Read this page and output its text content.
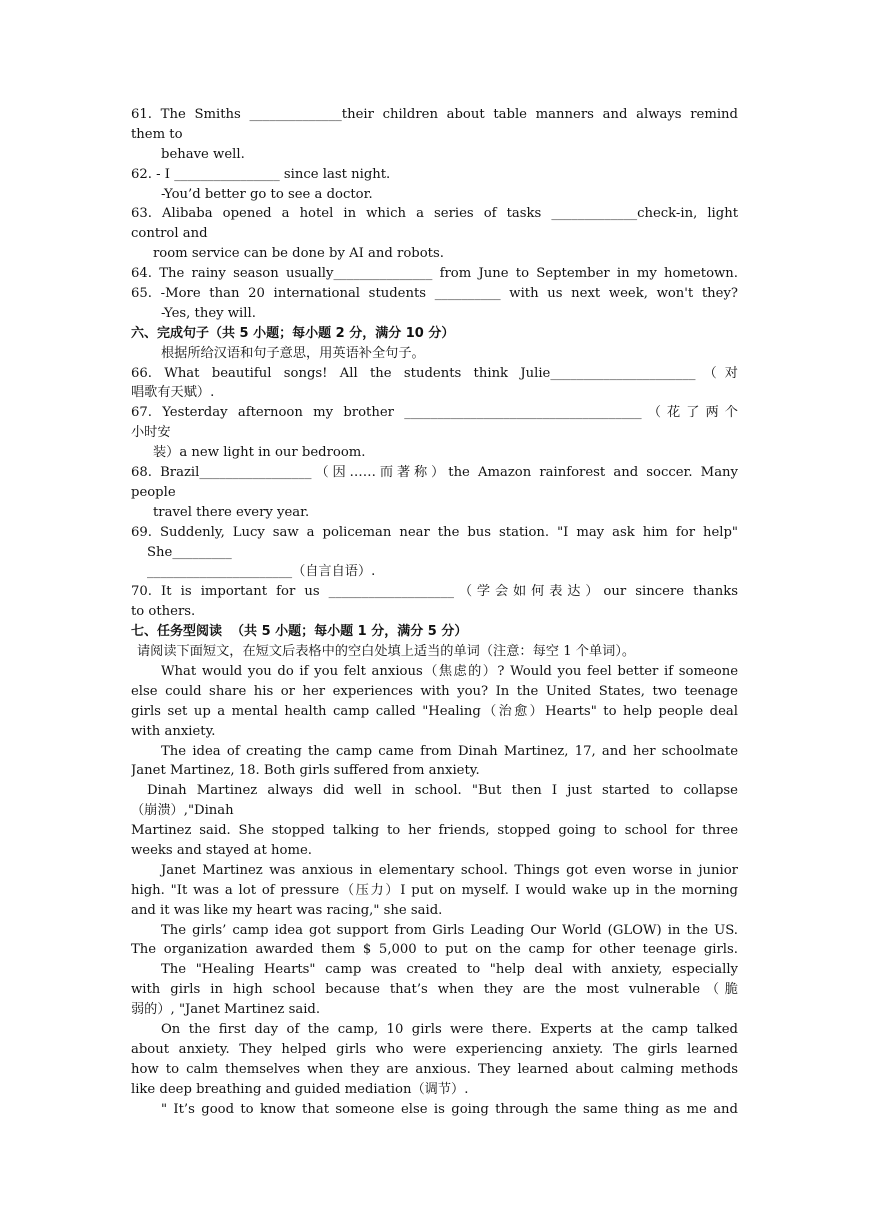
61. The Smiths ______________their children about table manners and always remind
them to
behave well.
62. - I ________________ since last night.
-You’d better go to see a doctor.
63. Alibaba opened a hotel in which a series of tasks _____________check-in, light
control and
room service can be done by AI and robots.
64. The rainy season usually_______________ from June to September in my hometown.
65. -More than 20 international students __________ with us next week, won't they?
-Yes, they will.
六、完成句子（共 5 小题；每小题 2 分，满分 10 分）
根据所给汉语和句子意思，用英语补全句子。
66. What beautiful songs! All the students think Julie______________________（对
唱歌有天赋）.
67. Yesterday afternoon my brother ____________________________________（花了两个
小时安
装）a new light in our bedroom.
68. Brazil_________________（因……而著称）the Amazon rainforest and soccer. Many
people
travel there every year.
69. Suddenly, Lucy saw a policeman near the bus station. "I may ask him for help"
She_________
______________________（自言自语）.
70. It is important for us ___________________（学会如何表达）our sincere thanks
to others.
七、任务型阅读  （共 5 小题；每小题 1 分，满分 5 分）
请阅读下面短文，在短文后表格中的空白处填上适当的单词（注意：每空 1 个单词）。
What would you do if you felt anxious（焦虑的）? Would you feel better if someone
else could share his or her experiences with you? In the United States, two teenage
girls set up a mental health camp called "Healing（治愈）Hearts" to help people deal
with anxiety.
The idea of creating the camp came from Dinah Martinez, 17, and her schoolmate
Janet Martinez, 18. Both girls suffered from anxiety.
Dinah Martinez always did well in school. "But then I just started to collapse
（崩溃）,"Dinah
Martinez said. She stopped talking to her friends, stopped going to school for three
weeks and stayed at home.
Janet Martinez was anxious in elementary school. Things got even worse in junior
high. "It was a lot of pressure（压力）I put on myself. I would wake up in the morning
and it was like my heart was racing," she said.
The girls’ camp idea got support from Girls Leading Our World (GLOW) in the US.
The organization awarded them $ 5,000 to put on the camp for other teenage girls.
The "Healing Hearts" camp was created to "help deal with anxiety, especially
with girls in high school because that’s when they are the most vulnerable（脆
弱的）, "Janet Martinez said.
On the first day of the camp, 10 girls were there. Experts at the camp talked
about anxiety. They helped girls who were experiencing anxiety. The girls learned
how to calm themselves when they are anxious. They learned about calming methods
like deep breathing and guided mediation（调节）.
" It’s good to know that someone else is going through the same thing as me and
